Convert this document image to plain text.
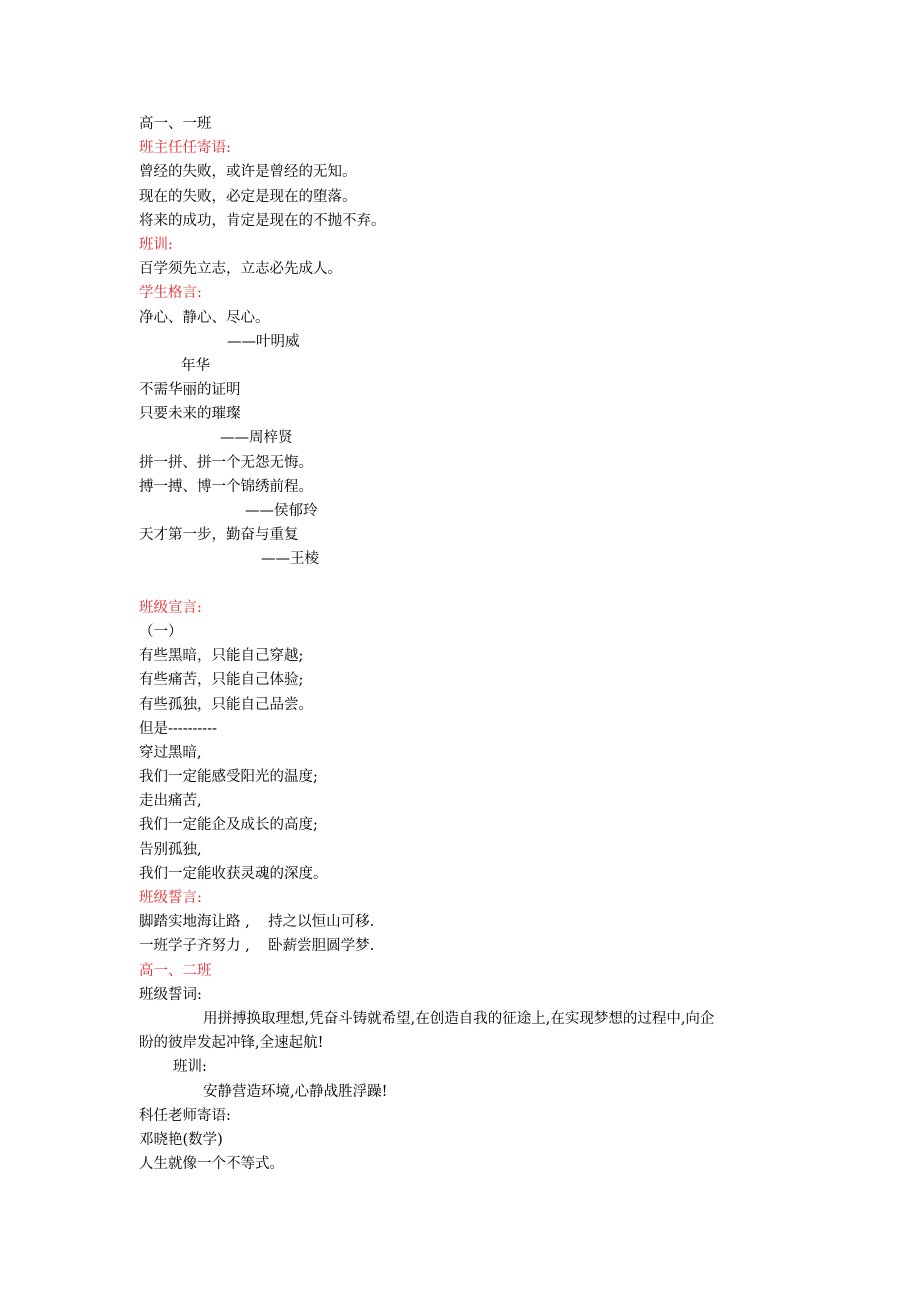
高一、一班
班主任任寄语:
曾经的失败，或许是曾经的无知。
现在的失败，必定是现在的堕落。
将来的成功，肯定是现在的不抛不弃。
班训:
百学须先立志，立志必先成人。
学生格言:
净心、静心、尽心。
——叶明威
年华
不需华丽的证明
只要未来的璀璨
——周梓贤
拼一拼、拼一个无怨无悔。
搏一搏、博一个锦绣前程。
——侯郁玲
天才第一步，勤奋与重复
——王棱
班级宣言:
（一）
有些黑暗，只能自己穿越;
有些痛苦，只能自己体验;
有些孤独，只能自己品尝。
但是----------
穿过黑暗,
我们一定能感受阳光的温度;
走出痛苦,
我们一定能企及成长的高度;
告别孤独,
我们一定能收获灵魂的深度。
班级誓言:
脚踏实地海让路 ,    持之以恒山可移.
一班学子齐努力 ,    卧薪尝胆圆学梦.
高一、二班
班级誓词:
用拼搏换取理想,凭奋斗铸就希望,在创造自我的征途上,在实现梦想的过程中,向企
盼的彼岸发起冲锋,全速起航!
班训:
安静营造环境,心静战胜浮躁!
科任老师寄语:
邓晓艳(数学)
人生就像一个不等式。
